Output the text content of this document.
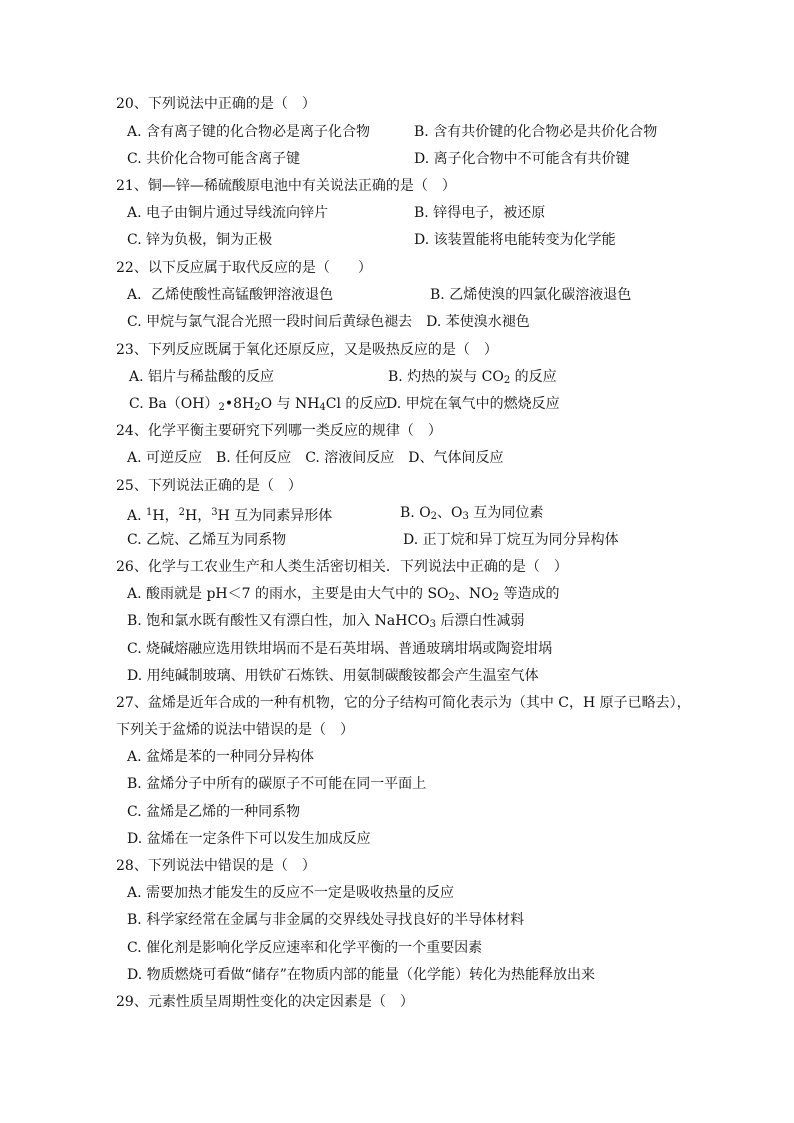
20、下列说法中正确的是（　）
A. 含有离子键的化合物必是离子化合物	B. 含有共价键的化合物必是共价化合物
C. 共价化合物可能含离子键	D. 离子化合物中不可能含有共价键
21、铜—锌—稀硫酸原电池中有关说法正确的是（　）
A. 电子由铜片通过导线流向锌片	B. 锌得电子，被还原
C. 锌为负极，铜为正极	D. 该装置能将电能转变为化学能
22、以下反应属于取代反应的是（　　）
A．乙烯使酸性高锰酸钾溶液退色	B. 乙烯使溴的四氯化碳溶液退色
C. 甲烷与氯气混合光照一段时间后黄绿色褪去　D. 苯使溴水褪色
23、下列反应既属于氧化还原反应，又是吸热反应的是（　）
A. 铝片与稀盐酸的反应	B. 灼热的炭与 $CO_2$ 的反应
C. $Ba(OH)_2•8H_2O$ 与 $NH_4Cl$ 的反应
D. 甲烷在氧气中的燃烧反应
24、化学平衡主要研究下列哪一类反应的规律（　）
A. 可逆反应　B. 任何反应　C. 溶液间反应　D、气体间反应
25、下列说法正确的是（　）
A. $^1$H，$^2$H，$^3$H 互为同素异形体	B. $O_2$、$O_3$ 互为同位素
C. 乙烷、乙烯互为同系物	D. 正丁烷和异丁烷互为同分异构体
26、化学与工农业生产和人类生活密切相关．下列说法中正确的是（　）
A. 酸雨就是 pH＜7 的雨水，主要是由大气中的 $SO_2$、$NO_2$ 等造成的
B. 饱和氯水既有酸性又有漂白性，加入 NaHCO$_3$ 后漂白性减弱
C. 烧碱熔融应选用铁坩埚而不是石英坩埚、普通玻璃坩埚或陶瓷坩埚
D. 用纯碱制玻璃、用铁矿石炼铁、用氨制碳酸铵都会产生温室气体
27、盆烯是近年合成的一种有机物，它的分子结构可简化表示为（其中 C，H 原子已略去），
下列关于盆烯的说法中错误的是（　）
A. 盆烯是苯的一种同分异构体
B. 盆烯分子中所有的碳原子不可能在同一平面上
C. 盆烯是乙烯的一种同系物
D. 盆烯在一定条件下可以发生加成反应
28、下列说法中错误的是（　）
A. 需要加热才能发生的反应不一定是吸收热量的反应
B. 科学家经常在金属与非金属的交界线处寻找良好的半导体材料
C. 催化剂是影响化学反应速率和化学平衡的一个重要因素
D. 物质燃烧可看做“储存”在物质内部的能量（化学能）转化为热能释放出来
29、元素性质呈周期性变化的决定因素是（　）
